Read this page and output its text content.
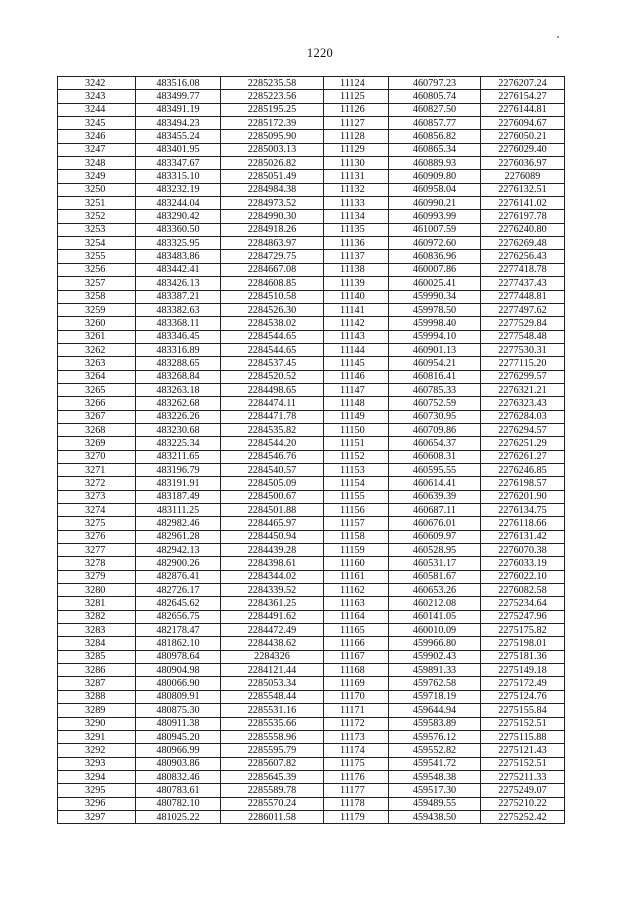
1220
3242	483516.08	2285235.58	11124	460797.23	2276207.24
3243	483499.77	2285223.56	11125	460805.74	2276154.27
3244	483491.19	2285195.25	11126	460827.50	2276144.81
3245	483494.23	2285172.39	11127	460857.77	2276094.67
3246	483455.24	2285095.90	11128	460856.82	2276050.21
3247	483401.95	2285003.13	11129	460865.34	2276029.40
3248	483347.67	2285026.82	11130	460889.93	2276036.97
3249	483315.10	2285051.49	11131	460909.80	2276089
3250	483232.19	2284984.38	11132	460958.04	2276132.51
3251	483244.04	2284973.52	11133	460990.21	2276141.02
3252	483290.42	2284990.30	11134	460993.99	2276197.78
3253	483360.50	2284918.26	11135	461007.59	2276240.80
3254	483325.95	2284863.97	11136	460972.60	2276269.48
3255	483483.86	2284729.75	11137	460836.96	2276256.43
3256	483442.41	2284667.08	11138	460007.86	2277418.78
3257	483426.13	2284608.85	11139	460025.41	2277437.43
3258	483387.21	2284510.58	11140	459990.34	2277448.81
3259	483382.63	2284526.30	11141	459978.50	2277497.62
3260	483368.11	2284538.02	11142	459998.40	2277529.84
3261	483346.45	2284544.65	11143	459994.10	2277548.48
3262	483316.89	2284544.65	11144	460901.13	2277530.31
3263	483288.65	2284537.45	11145	460954.21	2277115.20
3264	483268.84	2284520.52	11146	460816.41	2276299.57
3265	483263.18	2284498.65	11147	460785.33	2276321.21
3266	483262.68	2284474.11	11148	460752.59	2276323.43
3267	483226.26	2284471.78	11149	460730.95	2276284.03
3268	483230.68	2284535.82	11150	460709.86	2276294.57
3269	483225.34	2284544.20	11151	460654.37	2276251.29
3270	483211.65	2284546.76	11152	460608.31	2276261.27
3271	483196.79	2284540.57	11153	460595.55	2276246.85
3272	483191.91	2284505.09	11154	460614.41	2276198.57
3273	483187.49	2284500.67	11155	460639.39	2276201.90
3274	483111.25	2284501.88	11156	460687.11	2276134.75
3275	482982.46	2284465.97	11157	460676.01	2276118.66
3276	482961.28	2284450.94	11158	460609.97	2276131.42
3277	482942.13	2284439.28	11159	460528.95	2276070.38
3278	482900.26	2284398.61	11160	460531.17	2276033.19
3279	482876.41	2284344.02	11161	460581.67	2276022.10
3280	482726.17	2284339.52	11162	460653.26	2276082.58
3281	482645.62	2284361.25	11163	460212.08	2275234.64
3282	482656.75	2284491.62	11164	460141.05	2275247.96
3283	482178.47	2284472.49	11165	460010.09	2275175.82
3284	481862.10	2284438.62	11166	459966.80	2275198.01
3285	480978.64	2284326	11167	459902.43	2275181.36
3286	480904.98	2284121.44	11168	459891.33	2275149.18
3287	480066.90	2285053.34	11169	459762.58	2275172.49
3288	480809.91	2285548.44	11170	459718.19	2275124.76
3289	480875.30	2285531.16	11171	459644.94	2275155.84
3290	480911.38	2285535.66	11172	459583.89	2275152.51
3291	480945.20	2285558.96	11173	459576.12	2275115.88
3292	480966.99	2285595.79	11174	459552.82	2275121.43
3293	480903.86	2285607.82	11175	459541.72	2275152.51
3294	480832.46	2285645.39	11176	459548.38	2275211.33
3295	480783.61	2285589.78	11177	459517.30	2275249.07
3296	480782.10	2285570.24	11178	459489.55	2275210.22
3297	481025.22	2286011.58	11179	459438.50	2275252.42
